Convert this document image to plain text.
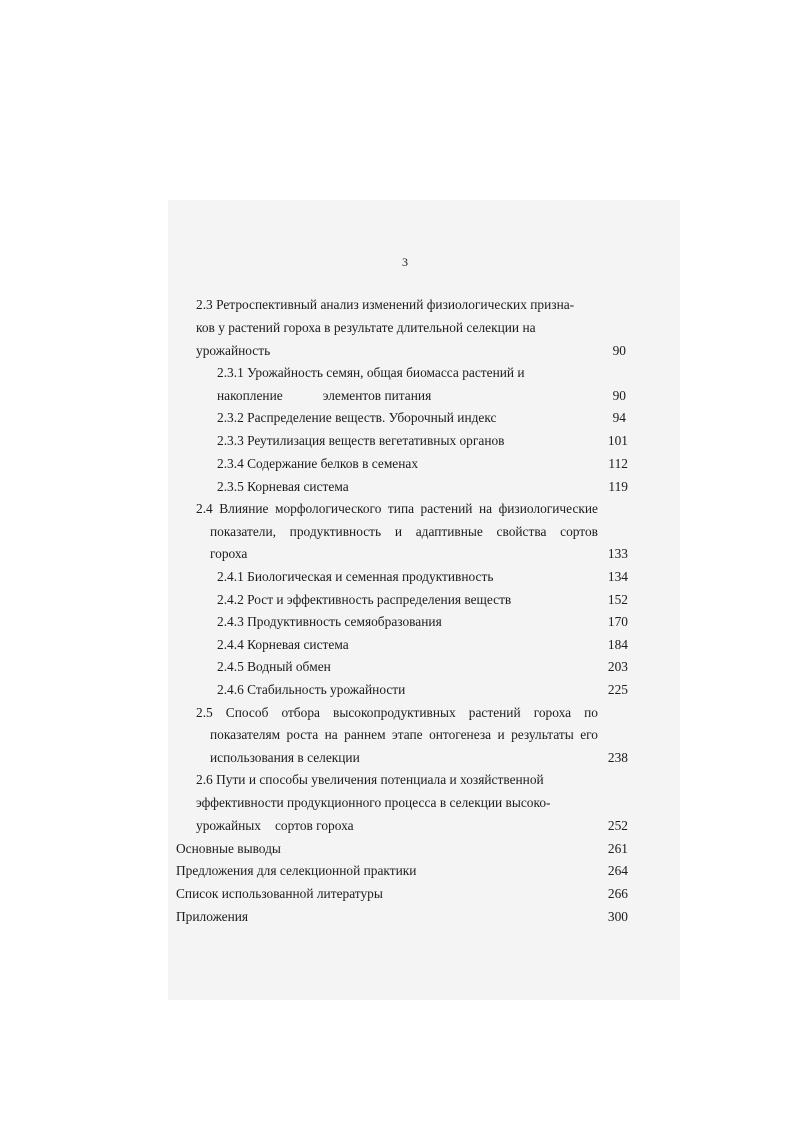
3
2.3 Ретроспективный анализ изменений физиологических призна-
ков у растений гороха в результате длительной селекции на
урожайность	90
2.3.1 Урожайность семян, общая биомасса растений и
накопление	элементов питания	90
2.3.2 Распределение веществ. Уборочный индекс	94
2.3.3 Реутилизация веществ вегетативных органов	101
2.3.4 Содержание белков в семенах	112
2.3.5 Корневая система	119
2.4 Влияние морфологического типа растений на физиологические
показатели, продуктивность и адаптивные свойства сортов
гороха	133
2.4.1 Биологическая и семенная продуктивность	134
2.4.2 Рост и эффективность распределения веществ	152
2.4.3 Продуктивность семяобразования	170
2.4.4 Корневая система	184
2.4.5 Водный обмен	203
2.4.6 Стабильность урожайности	225
2.5 Способ отбора высокопродуктивных растений гороха по
показателям роста на раннем этапе онтогенеза и результаты его
использования в селекции	238
2.6 Пути и способы увеличения потенциала и хозяйственной
эффективности продукционного процесса в селекции высоко-
урожайных сортов гороха	252
Основные выводы	261
Предложения для селекционной практики	264
Список использованной литературы	266
Приложения	300
